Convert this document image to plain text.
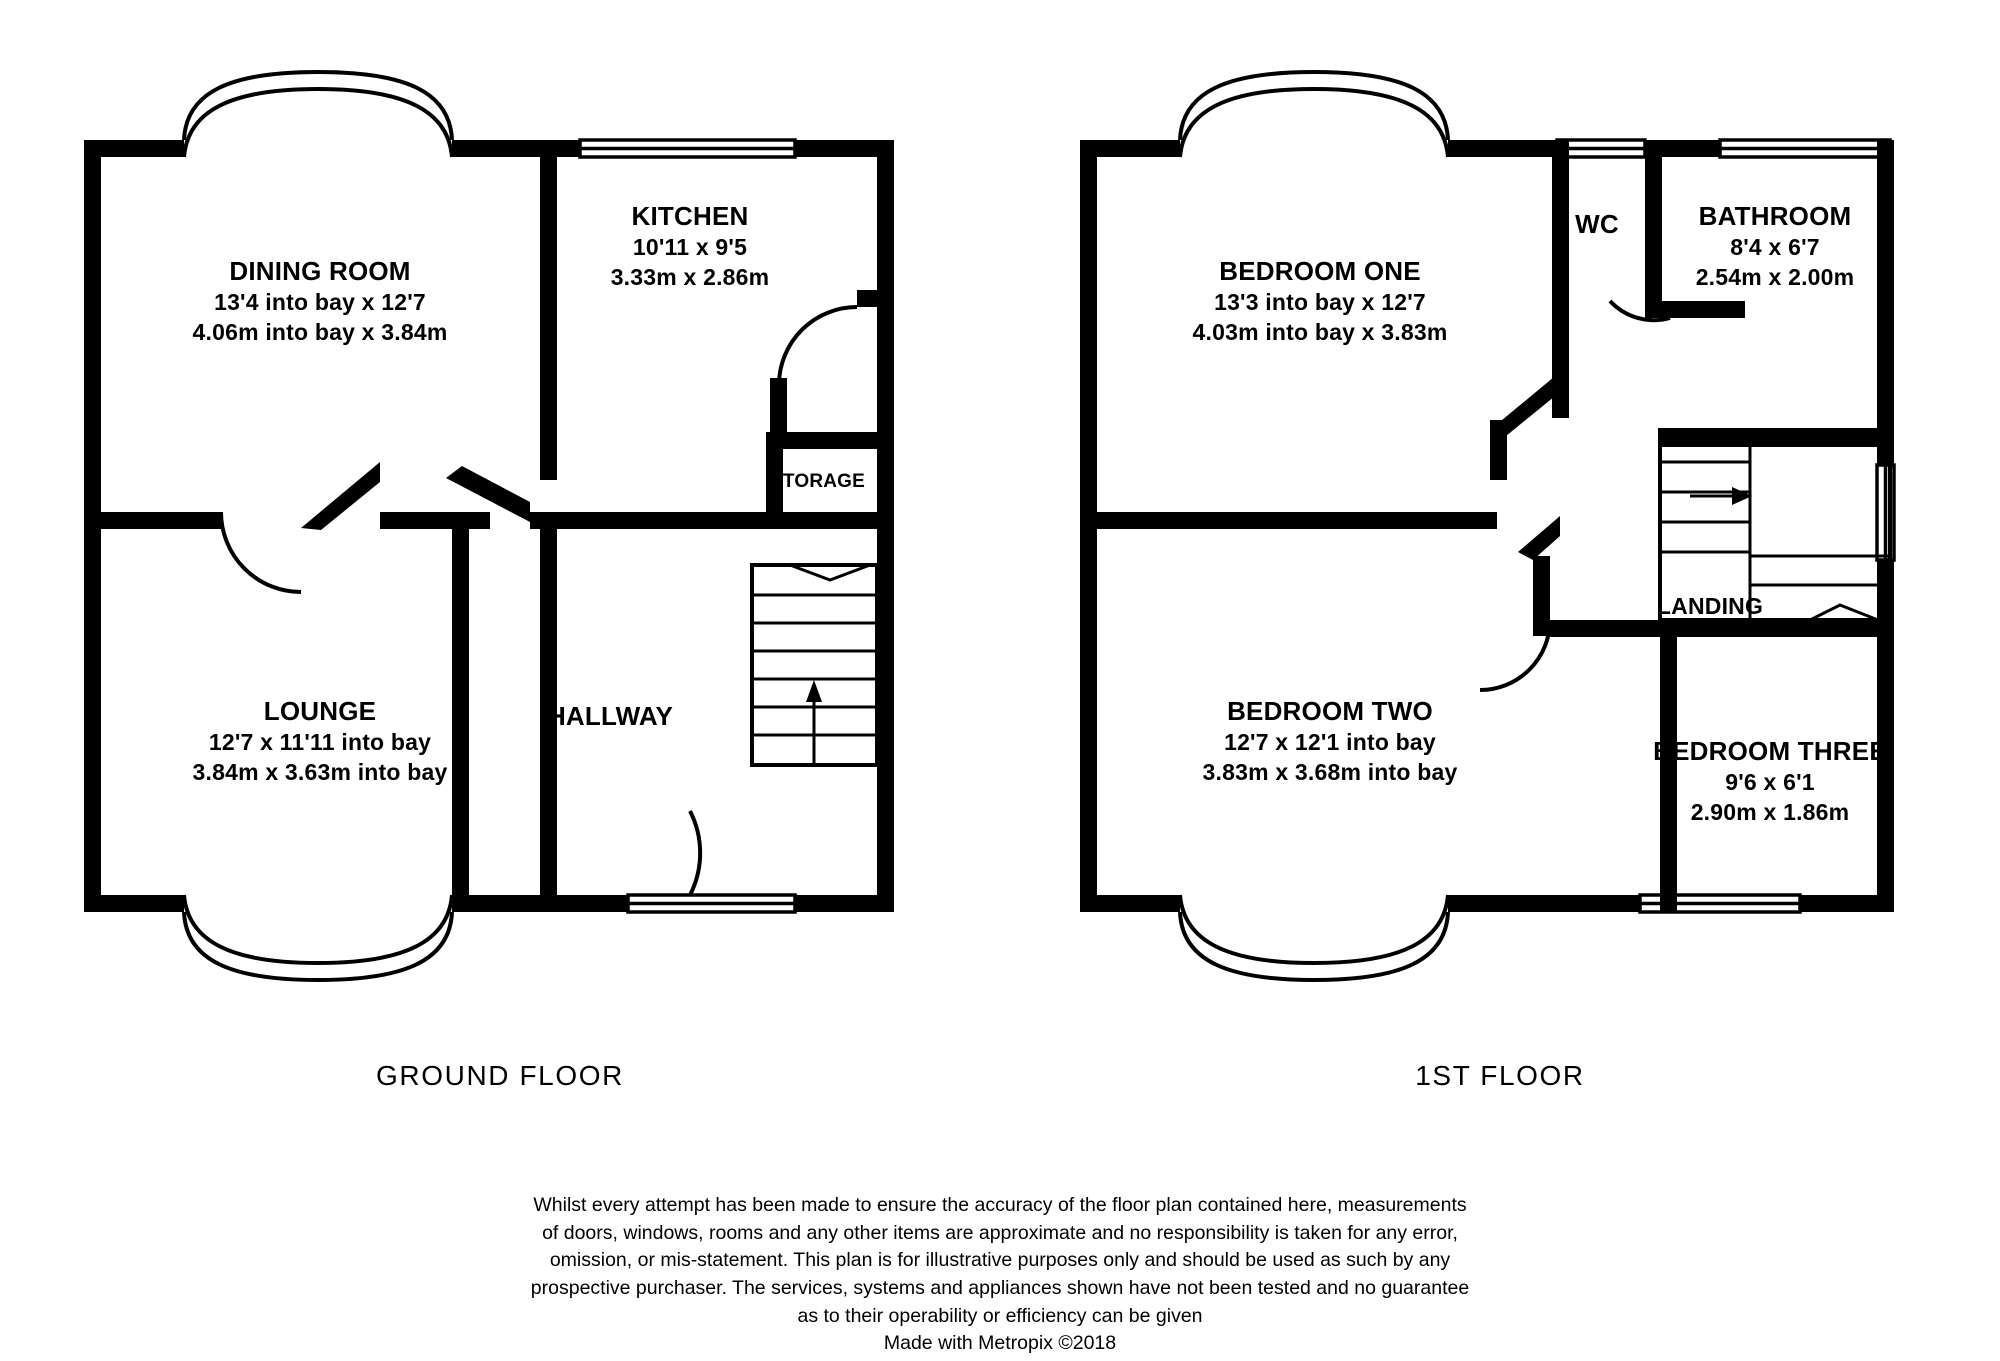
DINING ROOM
13'4 into bay x 12'7
4.06m into bay x 3.84m
KITCHEN
10'11 x 9'5
3.33m x 2.86m
LOUNGE
12'7 x 11'11 into bay
3.84m x 3.63m into bay
HALLWAY
STORAGE
BEDROOM ONE
13'3 into bay x 12'7
4.03m into bay x 3.83m
WC	BATHROOM
8'4 x 6'7
2.54m x 2.00m
BEDROOM TWO
12'7 x 12'1 into bay
3.83m x 3.68m into bay
BEDROOM THREE
9'6 x 6'1
2.90m x 1.86m
LANDING
GROUND FLOOR	1ST FLOOR
Whilst every attempt has been made to ensure the accuracy of the floor plan contained here, measurements
of doors, windows, rooms and any other items are approximate and no responsibility is taken for any error,
omission, or mis-statement. This plan is for illustrative purposes only and should be used as such by any
prospective purchaser. The services, systems and appliances shown have not been tested and no guarantee
as to their operability or efficiency can be given
Made with Metropix ©2018
